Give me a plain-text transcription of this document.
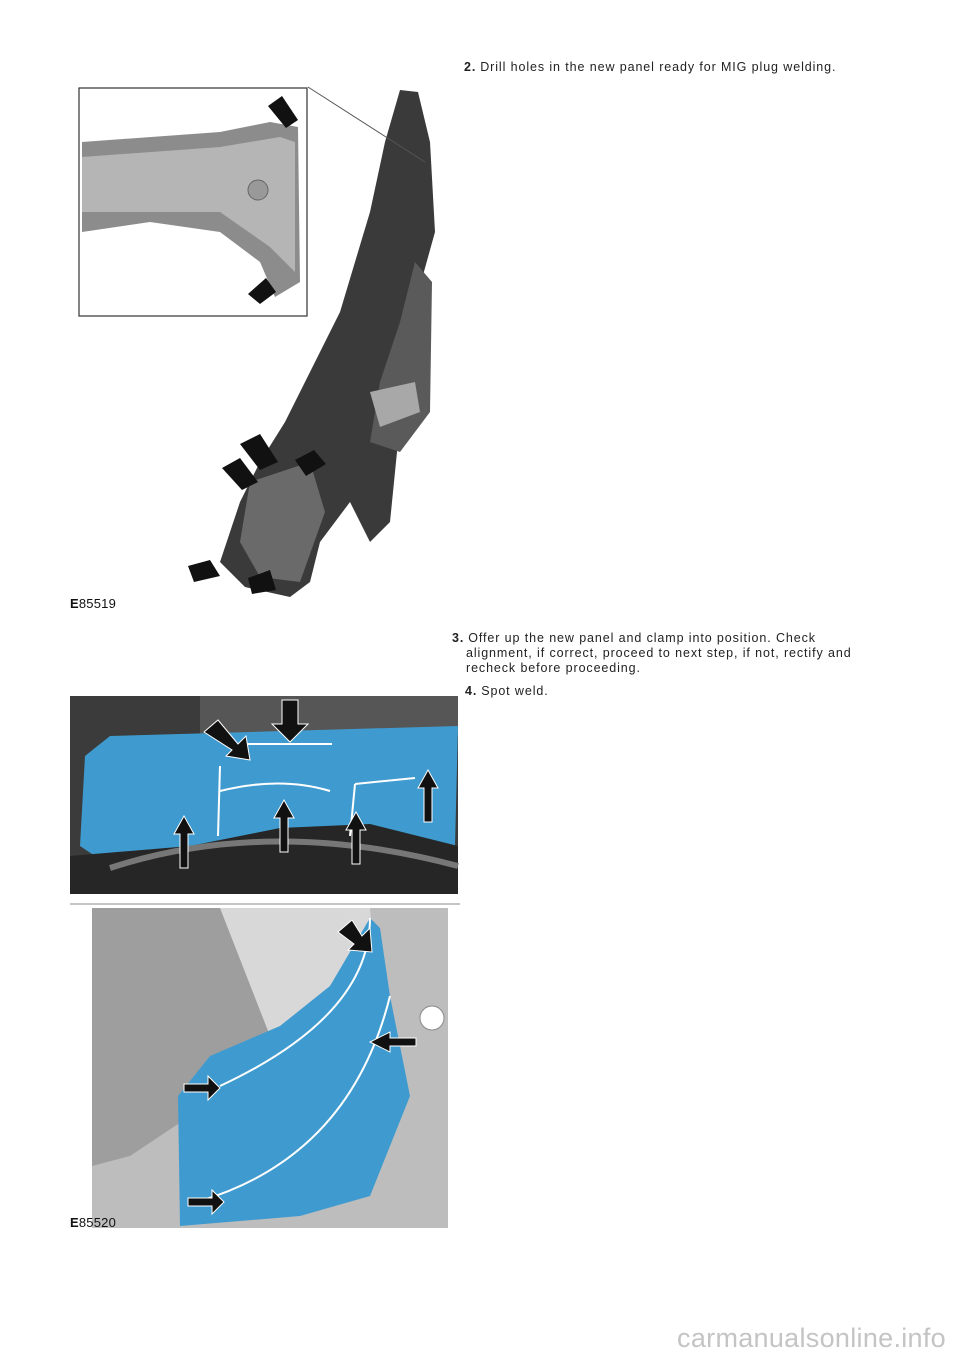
2. Drill holes in the new panel ready for MIG plug welding.
E85519
3. Offer up the new panel and clamp into position. Check
alignment, if correct, proceed to next step, if not, rectify and
recheck before proceeding.
4. Spot weld.
E85520
carmanualsonline.info
